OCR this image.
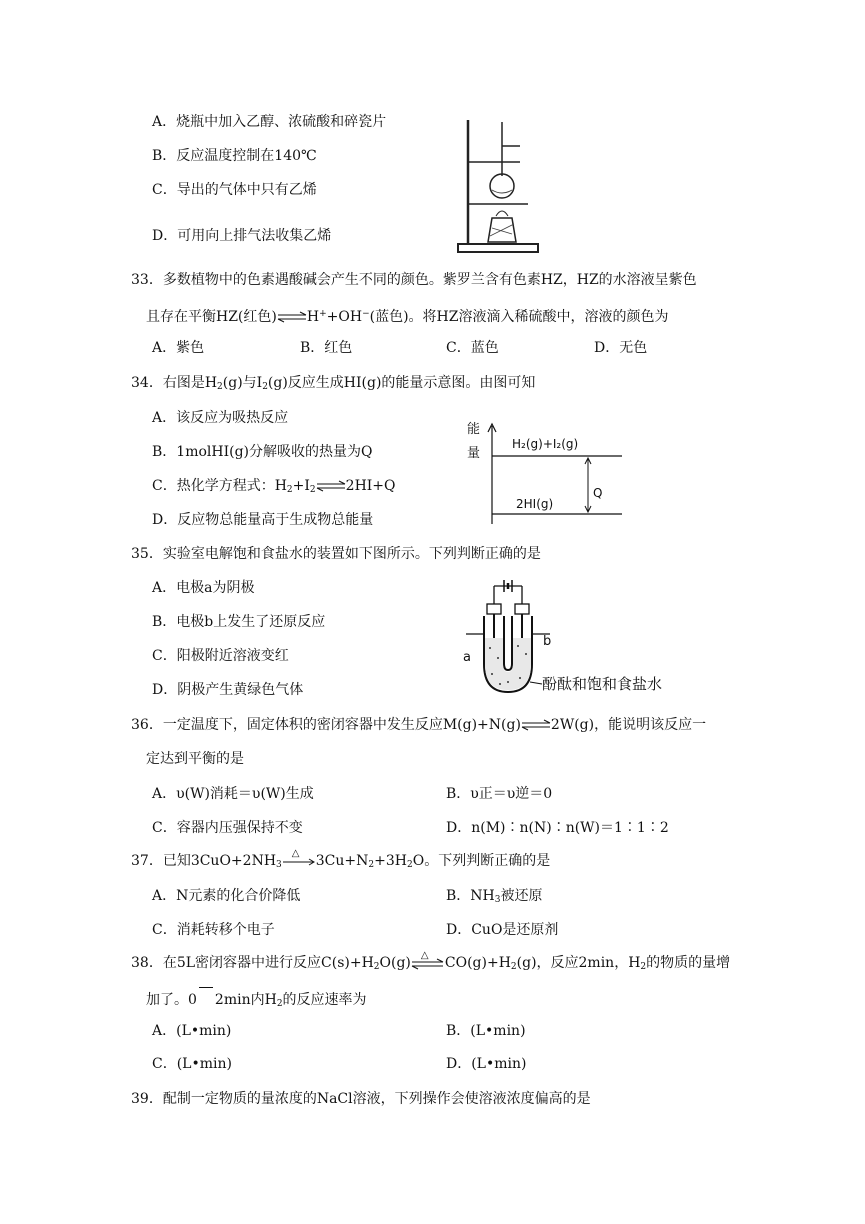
A．烧瓶中加入乙醇、浓硫酸和碎瓷片
B．反应温度控制在140℃
C．导出的气体中只有乙烯
D．可用向上排气法收集乙烯
33．多数植物中的色素遇酸碱会产生不同的颜色。紫罗兰含有色素HZ，HZ的水溶液呈紫色
且存在平衡HZ(红色)⇌H++OH−(蓝色)。将HZ溶液滴入稀硫酸中，溶液的颜色为
A．紫色	B．红色	C．蓝色	D．无色
34．右图是$H_2(g)$与$I_2(g)$反应生成HI(g)的能量示意图。由图可知
A．该反应为吸热反应
B．1molHI(g)分解吸收的热量为Q
C．热化学方程式：$H_2+I_2\rightleftharpoons 2HI+Q$
D．反应物总能量高于生成物总能量
能
量
H₂(g)+I₂(g)
2HI(g)
Q
35．实验室电解饱和食盐水的装置如下图所示。下列判断正确的是
A．电极a为阴极
B．电极b上发生了还原反应
C．阳极附近溶液变红
D．阴极产生黄绿色气体
a
b
酚酞和饱和食盐水
36．一定温度下，固定体积的密闭容器中发生反应M(g)+N(g)⇌2W(g)，能说明该反应一
定达到平衡的是
A．υ(W)消耗＝υ(W)生成	B．υ正＝υ逆＝0
C．容器内压强保持不变	D．n(M)∶n(N)∶n(W)＝1∶1∶2
37．已知$3CuO+2NH_3$
△ $3Cu+N_2+3H_2O$。下列判断正确的是
A．N元素的化合价降低	B．$NH_3$被还原
C．消耗转移个电子	D．CuO是还原剂
38．在5L密闭容器中进行反应$C(s)+H_2O(g)$ △ $CO(g)+H_2(g)$，反应2min，$H_2$的物质的量增
加了。0 2min内$H_2$的反应速率为
A．(L•min)	B．(L•min)
C．(L•min)	D．(L•min)
39．配制一定物质的量浓度的NaCl溶液，下列操作会使溶液浓度偏高的是
